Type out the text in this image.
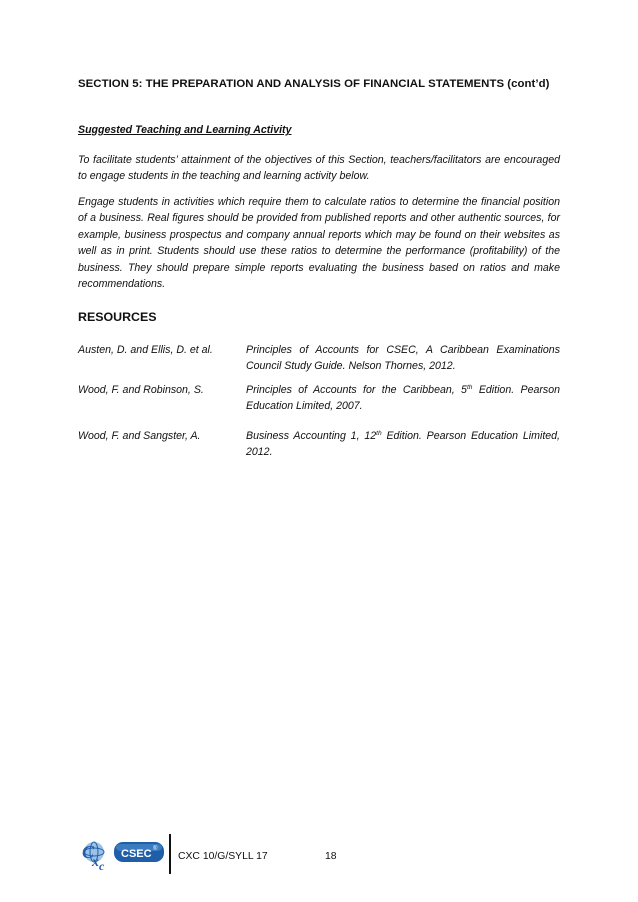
SECTION 5: THE PREPARATION AND ANALYSIS OF FINANCIAL STATEMENTS (cont’d)
Suggested Teaching and Learning Activity

To facilitate students’ attainment of the objectives of this Section, teachers/facilitators are encouraged to engage students in the teaching and learning activity below.

Engage students in activities which require them to calculate ratios to determine the financial position of a business. Real figures should be provided from published reports and other authentic sources, for example, business prospectus and company annual reports which may be found on their websites as well as in print. Students should use these ratios to determine the performance (profitability) of the business. They should prepare simple reports evaluating the business based on ratios and make recommendations.

RESOURCES
Austen, D. and Ellis, D. et al.	Principles of Accounts for CSEC, A Caribbean Examinations Council Study Guide. Nelson Thornes, 2012.
Wood, F. and Robinson, S.	Principles of Accounts for the Caribbean, 5th Edition. Pearson Education Limited, 2007.
Wood, F. and Sangster, A.	Business Accounting 1, 12th Edition. Pearson Education Limited, 2012.
C
x c
CSEC ®
CXC 10/G/SYLL 17	18
